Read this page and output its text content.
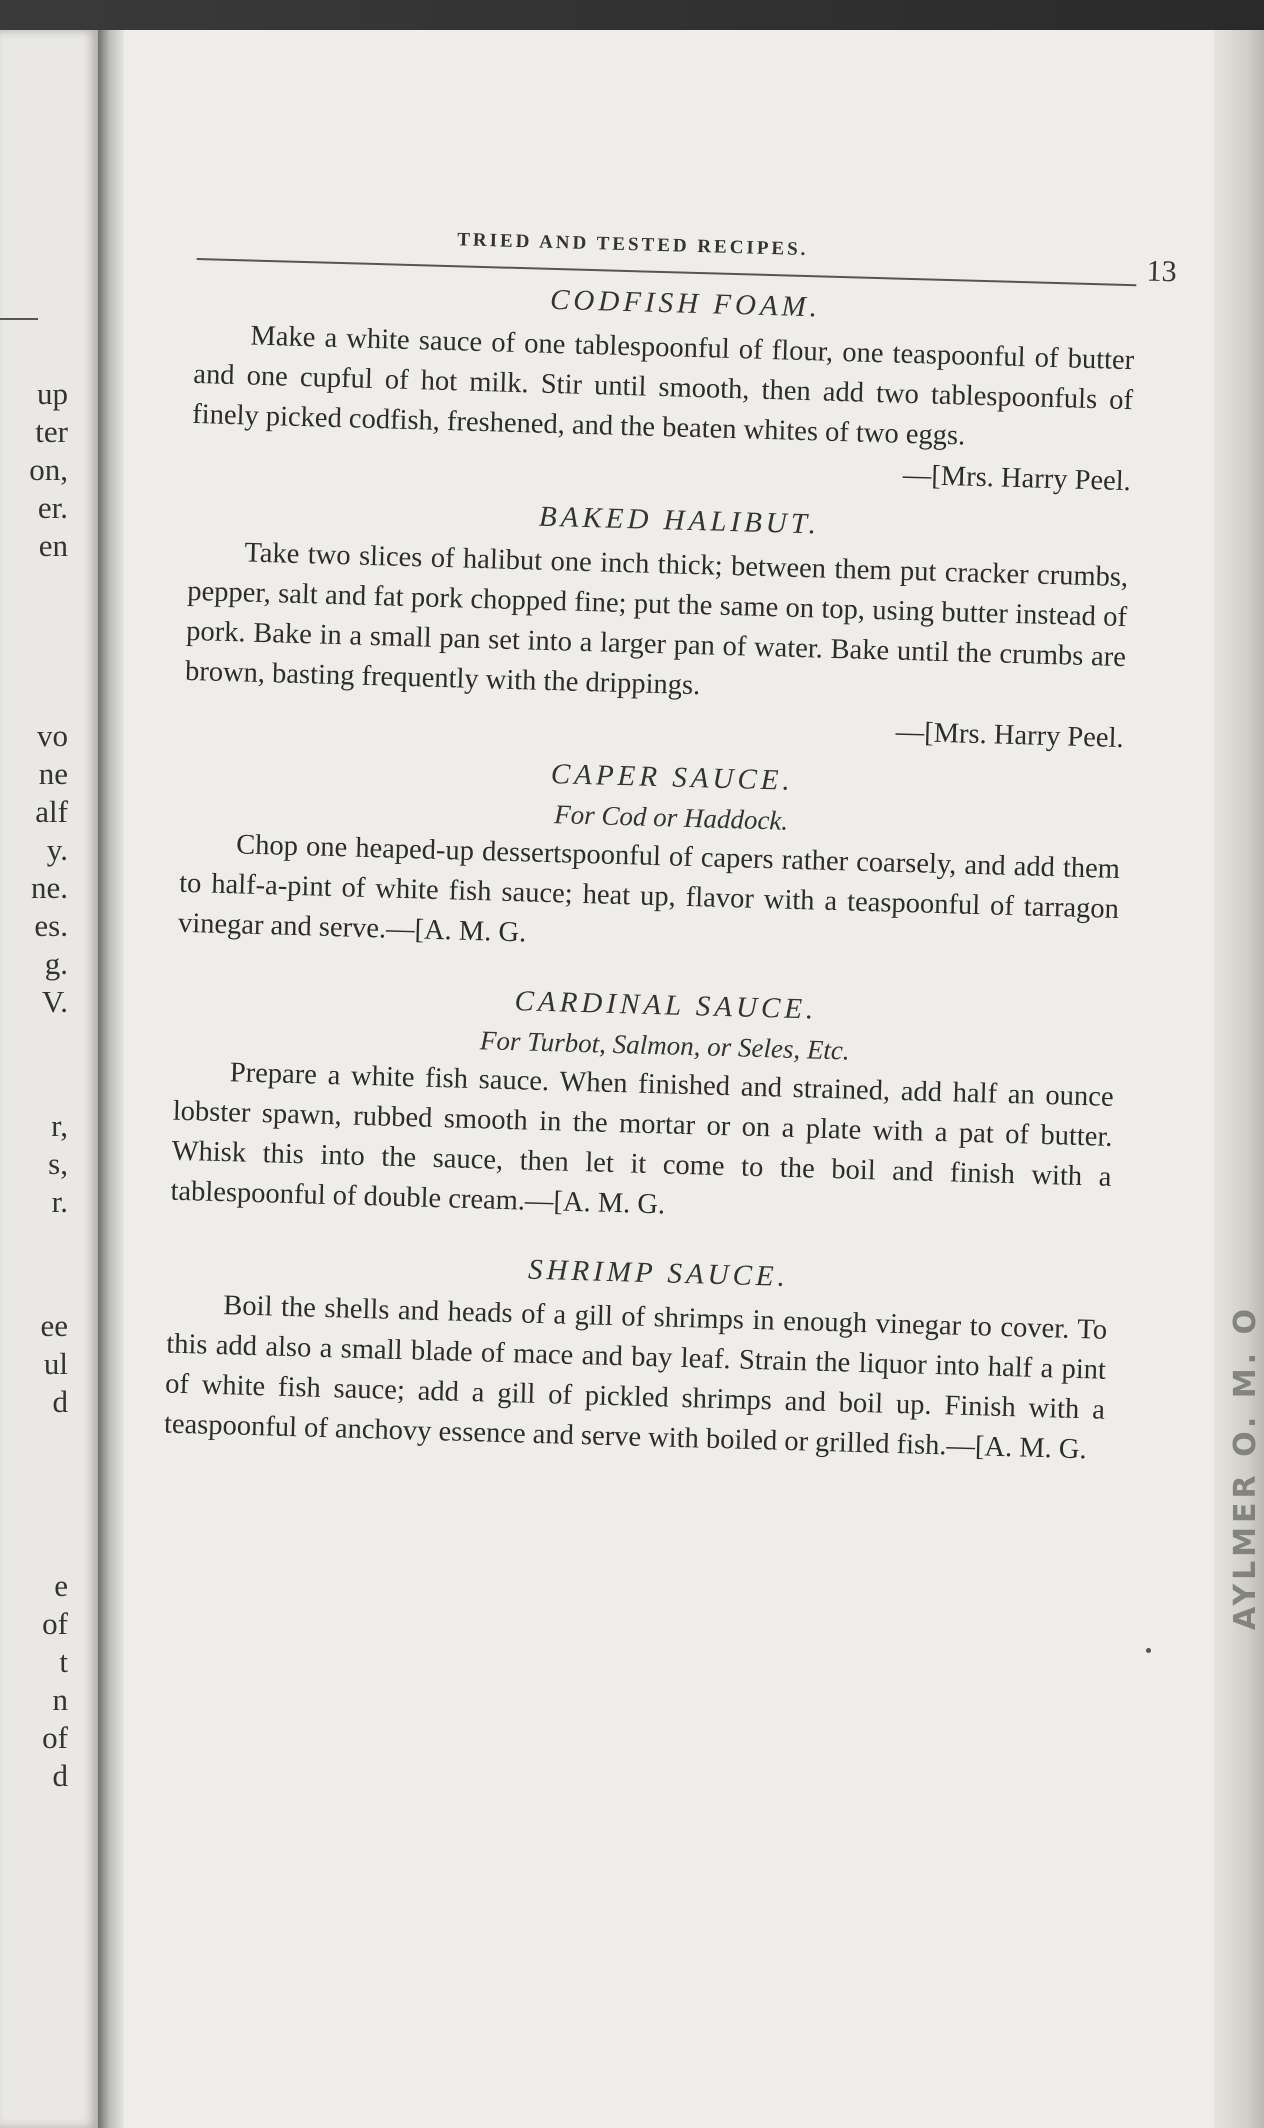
up

ter

on,

er.

en

vo

ne

alf

y.

ne.

es.

g.

V.

r,

s,

r.

ee

ul

d

e

of

t

n

of

d

AYLMER O. M. O

TRIED AND TESTED RECIPES.

13

CODFISH FOAM.

Make a white sauce of one tablespoonful of flour, one teaspoonful of butter and one cupful of hot milk. Stir until smooth, then add two tablespoonfuls of finely picked codfish, freshened, and the beaten whites of two eggs.

—[Mrs. Harry Peel.

BAKED HALIBUT.

Take two slices of halibut one inch thick; between them put cracker crumbs, pepper, salt and fat pork chopped fine; put the same on top, using butter instead of pork. Bake in a small pan set into a larger pan of water. Bake until the crumbs are brown, basting frequently with the drippings.

—[Mrs. Harry Peel.

CAPER SAUCE.

For Cod or Haddock.

Chop one heaped-up dessertspoonful of capers rather coarsely, and add them to half-a-pint of white fish sauce; heat up, flavor with a teaspoonful of tarragon vinegar and serve.—[A. M. G.

CARDINAL SAUCE.

For Turbot, Salmon, or Seles, Etc.

Prepare a white fish sauce. When finished and strained, add half an ounce lobster spawn, rubbed smooth in the mortar or on a plate with a pat of butter. Whisk this into the sauce, then let it come to the boil and finish with a tablespoonful of double cream.—[A. M. G.

SHRIMP SAUCE.

Boil the shells and heads of a gill of shrimps in enough vinegar to cover. To this add also a small blade of mace and bay leaf. Strain the liquor into half a pint of white fish sauce; add a gill of pickled shrimps and boil up. Finish with a teaspoonful of anchovy essence and serve with boiled or grilled fish.—[A. M. G.
